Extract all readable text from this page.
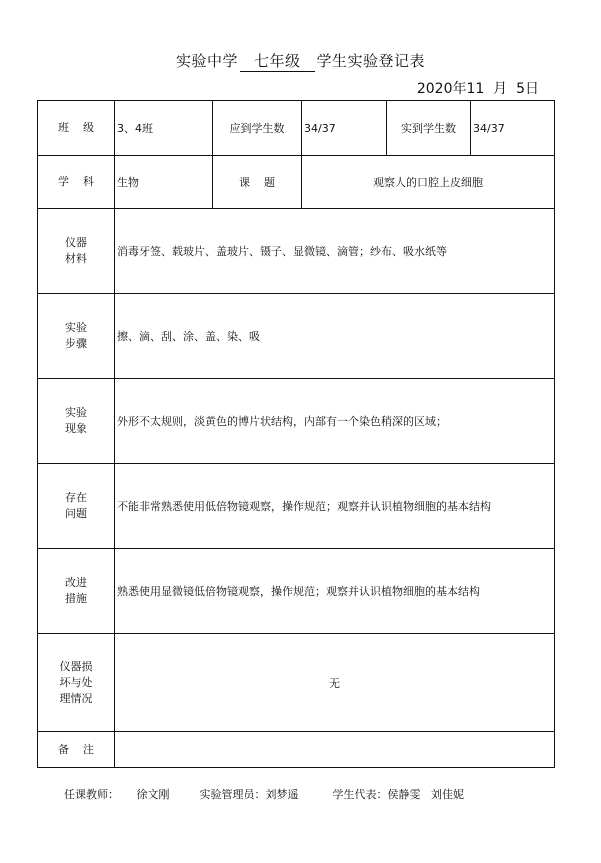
实验中学 七年级 学生实验登记表
2020年11  月  5日
班    级	3、4班	应到学生数	34/37	实到学生数	34/37
学    科	生物	课    题	观察人的口腔上皮细胞		
仪器
材料	消毒牙签、载玻片、盖玻片、镊子、显微镜、滴管；纱布、吸水纸等				
实验
步骤	擦、滴、刮、涂、盖、染、吸				
实验
现象	外形不太规则，淡黄色的博片状结构，内部有一个染色稍深的区域；				
存在
问题	不能非常熟悉使用低倍物镜观察，操作规范；观察并认识植物细胞的基本结构				
改进
措施	熟悉使用显微镜低倍物镜观察，操作规范；观察并认识植物细胞的基本结构				
仪器损
坏与处
理情况	无				
备    注					
任课教师：     徐文刚	实验管理员：刘梦遥	学生代表：侯静雯   刘佳妮
